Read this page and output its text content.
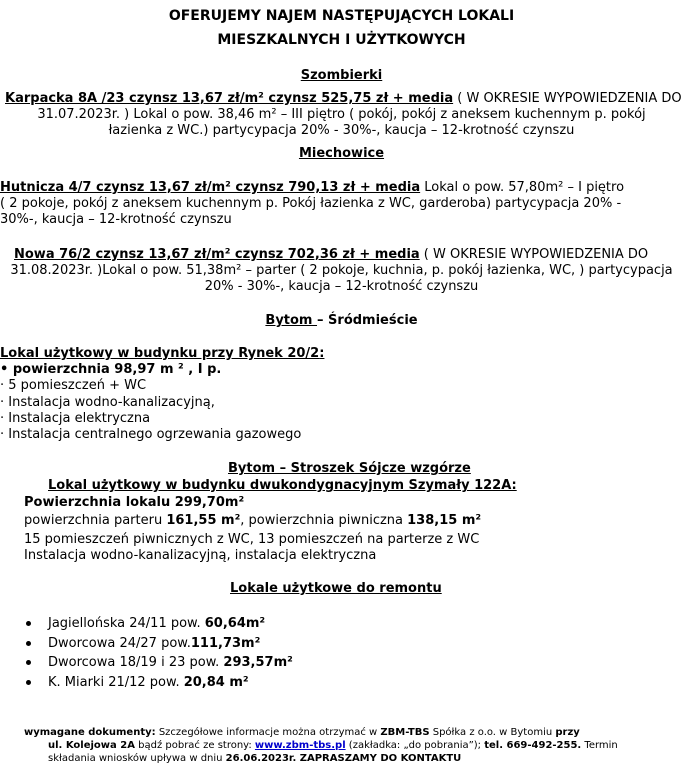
OFERUJEMY NAJEM NASTĘPUJĄCYCH LOKALI
MIESZKALNYCH I UŻYTKOWYCH
Szombierki
Karpacka 8A /23 czynsz 13,67 zł/m² czynsz 525,75 zł + media ( W OKRESIE WYPOWIEDZENIA DO
31.07.2023r. ) Lokal o pow. 38,46 m² – III piętro ( pokój, pokój z aneksem kuchennym p. pokój
łazienka z WC.) partycypacja 20% - 30%-, kaucja – 12-krotność czynszu
Miechowice
Hutnicza 4/7 czynsz 13,67 zł/m² czynsz 790,13 zł + media Lokal o pow. 57,80m² – I piętro
( 2 pokoje, pokój z aneksem kuchennym p. Pokój łazienka z WC, garderoba) partycypacja 20% -
30%-, kaucja – 12-krotność czynszu
Nowa 76/2 czynsz 13,67 zł/m² czynsz 702,36 zł + media ( W OKRESIE WYPOWIEDZENIA DO
31.08.2023r. )Lokal o pow. 51,38m² – parter ( 2 pokoje, kuchnia, p. pokój łazienka, WC, ) partycypacja
20% - 30%-, kaucja – 12-krotność czynszu
Bytom – Śródmieście
Lokal użytkowy w budynku przy Rynek 20/2:
• powierzchnia 98,97 m ² , I p.
· 5 pomieszczeń + WC
· Instalacja wodno-kanalizacyjną,
· Instalacja elektryczna
· Instalacja centralnego ogrzewania gazowego
Bytom – Stroszek Sójcze wzgórze
Lokal użytkowy w budynku dwukondygnacyjnym Szymały 122A:
Powierzchnia lokalu 299,70m²
powierzchnia parteru 161,55 m², powierzchnia piwniczna 138,15 m²
15 pomieszczeń piwnicznych z WC, 13 pomieszczeń na parterze z WC
Instalacja wodno-kanalizacyjną, instalacja elektryczna
Lokale użytkowe do remontu
Jagiellońska 24/11 pow. 60,64m²
Dworcowa 24/27 pow.111,73m²
Dworcowa 18/19 i 23 pow. 293,57m²
K. Miarki 21/12 pow. 20,84 m²
wymagane dokumenty: Szczegółowe informacje można otrzymać w ZBM-TBS Spółka z o.o. w Bytomiu przy
ul. Kolejowa 2A bądź pobrać ze strony: www.zbm-tbs.pl (zakładka: „do pobrania”); tel. 669-492-255. Termin
składania wniosków upływa w dniu 26.06.2023r. ZAPRASZAMY DO KONTAKTU
